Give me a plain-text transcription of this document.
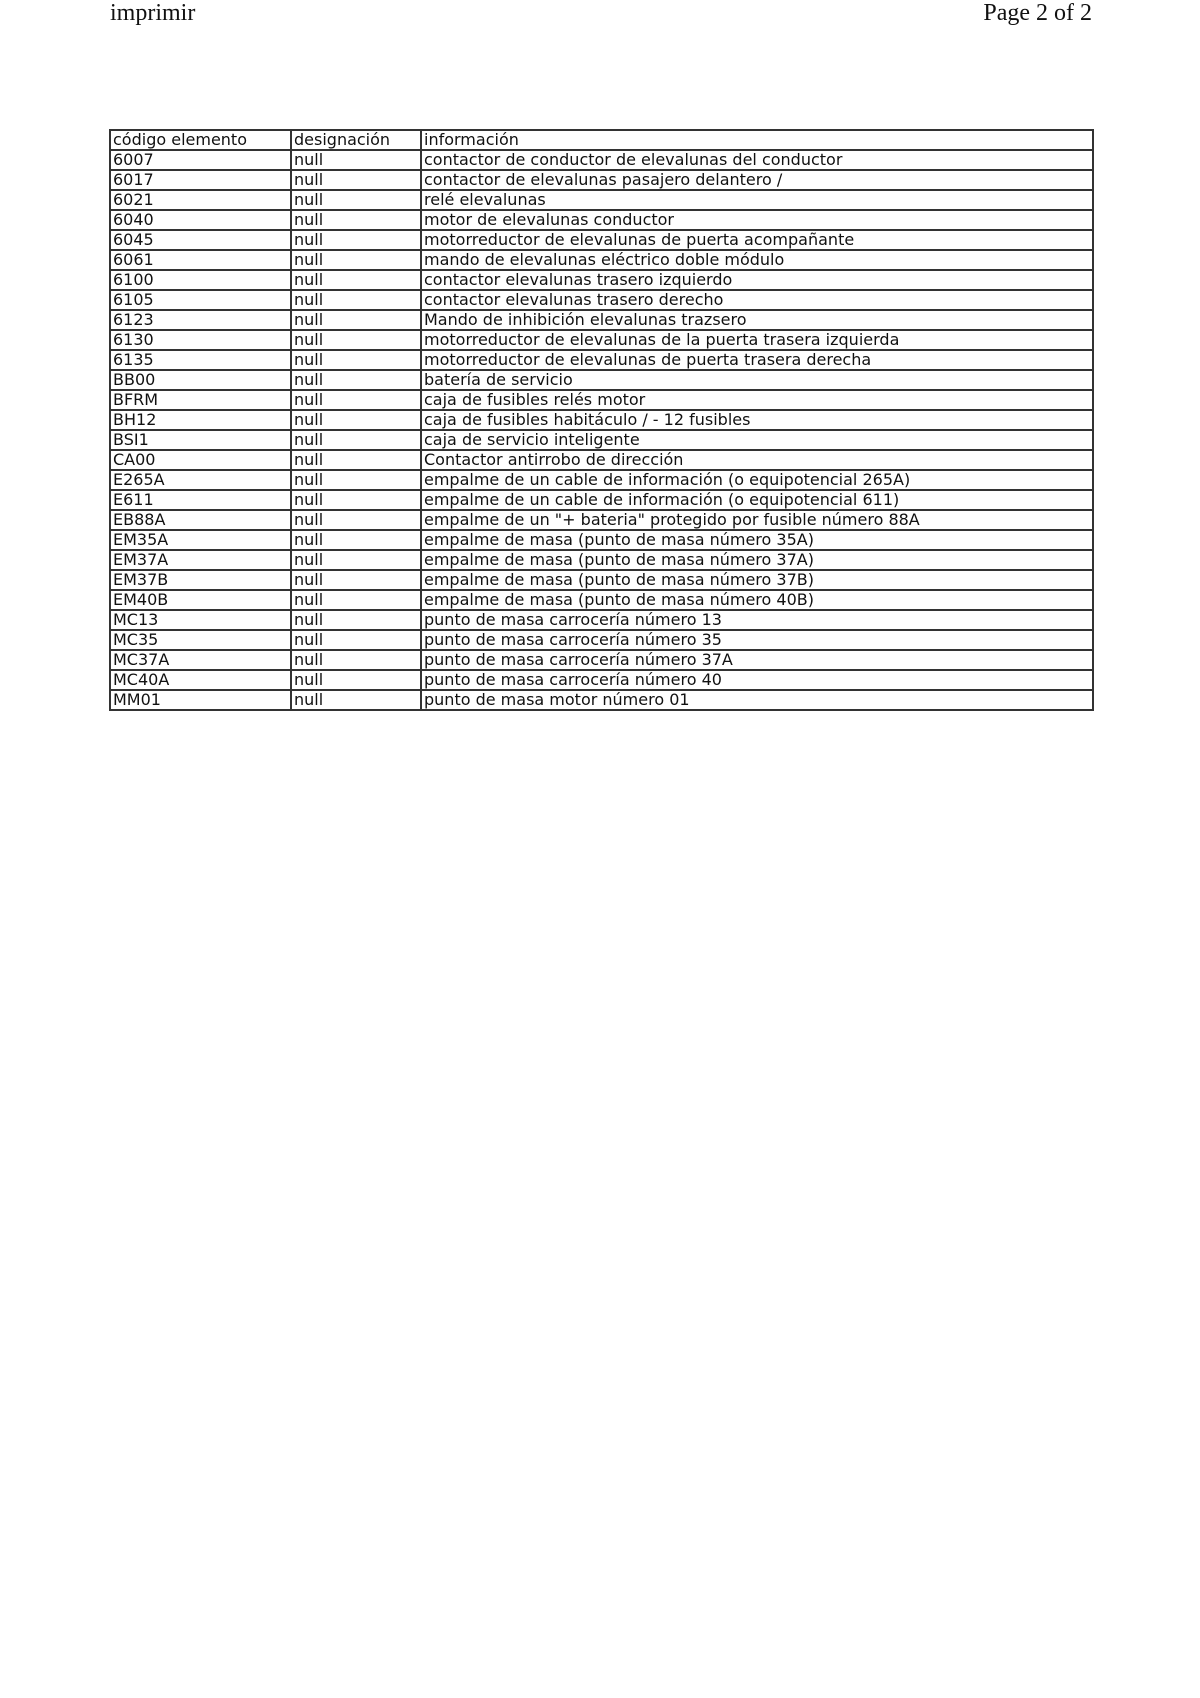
imprimir	Page 2 of 2
código elemento	designación	información
6007	null	contactor de conductor de elevalunas del conductor
6017	null	contactor de elevalunas pasajero delantero /
6021	null	relé elevalunas
6040	null	motor de elevalunas conductor
6045	null	motorreductor de elevalunas de puerta acompañante
6061	null	mando de elevalunas eléctrico doble módulo
6100	null	contactor elevalunas trasero izquierdo
6105	null	contactor elevalunas trasero derecho
6123	null	Mando de inhibición elevalunas trazsero
6130	null	motorreductor de elevalunas de la puerta trasera izquierda
6135	null	motorreductor de elevalunas de puerta trasera derecha
BB00	null	batería de servicio
BFRM	null	caja de fusibles relés motor
BH12	null	caja de fusibles habitáculo / - 12 fusibles
BSI1	null	caja de servicio inteligente
CA00	null	Contactor antirrobo de dirección
E265A	null	empalme de un cable de información (o equipotencial 265A)
E611	null	empalme de un cable de información (o equipotencial 611)
EB88A	null	empalme de un "+ bateria" protegido por fusible número 88A
EM35A	null	empalme de masa (punto de masa número 35A)
EM37A	null	empalme de masa (punto de masa número 37A)
EM37B	null	empalme de masa (punto de masa número 37B)
EM40B	null	empalme de masa (punto de masa número 40B)
MC13	null	punto de masa carrocería número 13
MC35	null	punto de masa carrocería número 35
MC37A	null	punto de masa carrocería número 37A
MC40A	null	punto de masa carrocería número 40
MM01	null	punto de masa motor número 01
